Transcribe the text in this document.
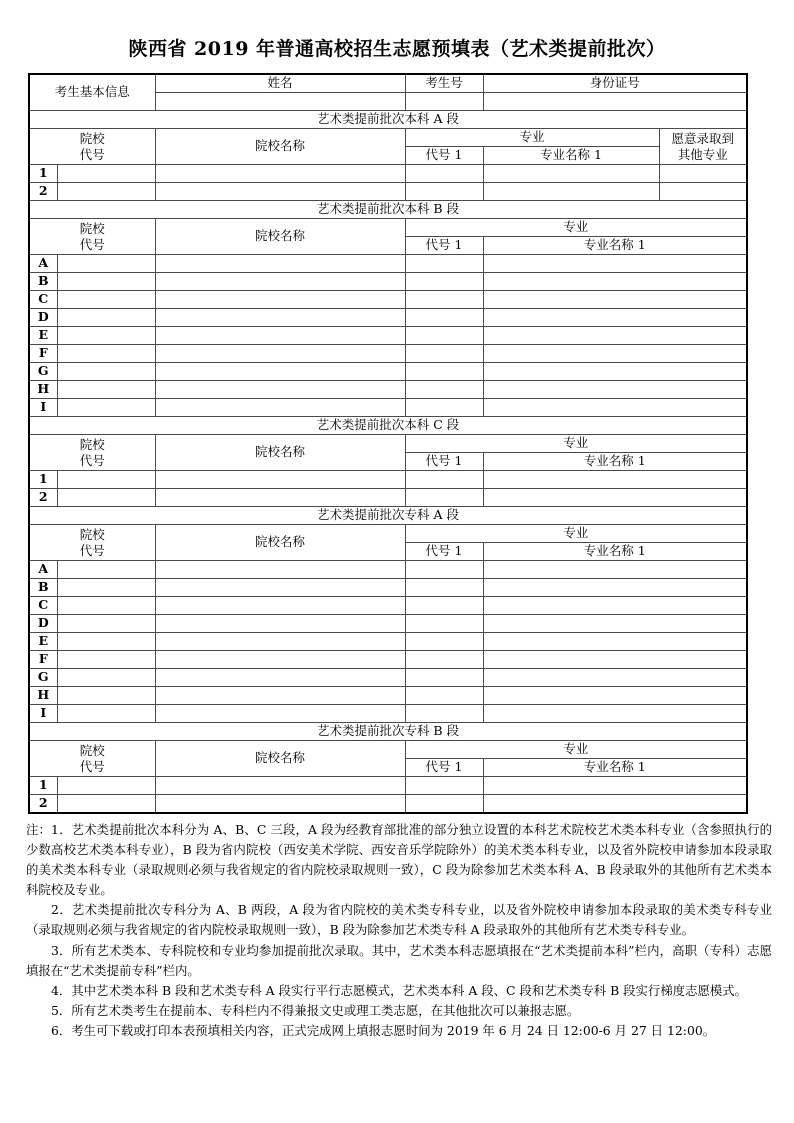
陕西省 2019 年普通高校招生志愿预填表（艺术类提前批次）
考生基本信息		姓名	考生号	身份证号	

艺术类提前批次本科 A 段					

院校
代号		院校名称	专业		愿意录取到
其他专业

			代号 1	专业名称 1	
1					
2					
艺术类提前批次本科 B 段					

院校
代号		院校名称	专业		
			代号 1	专业名称 1	
A					
B					
C					
D					
E					
F					
G					
H					
I					
艺术类提前批次本科 C 段					

院校
代号		院校名称	专业		
			代号 1	专业名称 1	
1					
2					
艺术类提前批次专科 A 段					

院校
代号		院校名称	专业		
			代号 1	专业名称 1	
A					
B					
C					
D					
E					
F					
G					
H					
I					
艺术类提前批次专科 B 段					

院校
代号		院校名称	专业		
			代号 1	专业名称 1	
1					
2					

注：1．艺术类提前批次本科分为 A、B、C 三段，A 段为经教育部批准的部分独立设置的本科艺术院校艺术类本科专业（含参照执行的少数高校艺术类本科专业），B 段为省内院校（西安美术学院、西安音乐学院除外）的美术类本科专业，以及省外院校申请参加本段录取的美术类本科专业（录取规则必须与我省规定的省内院校录取规则一致），C 段为除参加艺术类本科 A、B 段录取外的其他所有艺术类本科院校及专业。

2．艺术类提前批次专科分为 A、B 两段，A 段为省内院校的美术类专科专业，以及省外院校申请参加本段录取的美术类专科专业（录取规则必须与我省规定的省内院校录取规则一致），B 段为除参加艺术类专科 A 段录取外的其他所有艺术类专科专业。

3．所有艺术类本、专科院校和专业均参加提前批次录取。其中，艺术类本科志愿填报在“艺术类提前本科”栏内，高职（专科）志愿填报在“艺术类提前专科”栏内。

4．其中艺术类本科 B 段和艺术类专科 A 段实行平行志愿模式，艺术类本科 A 段、C 段和艺术类专科 B 段实行梯度志愿模式。

5．所有艺术类考生在提前本、专科栏内不得兼报文史或理工类志愿，在其他批次可以兼报志愿。

6．考生可下载或打印本表预填相关内容，正式完成网上填报志愿时间为 2019 年 6 月 24 日 12:00-6 月 27 日 12:00。
